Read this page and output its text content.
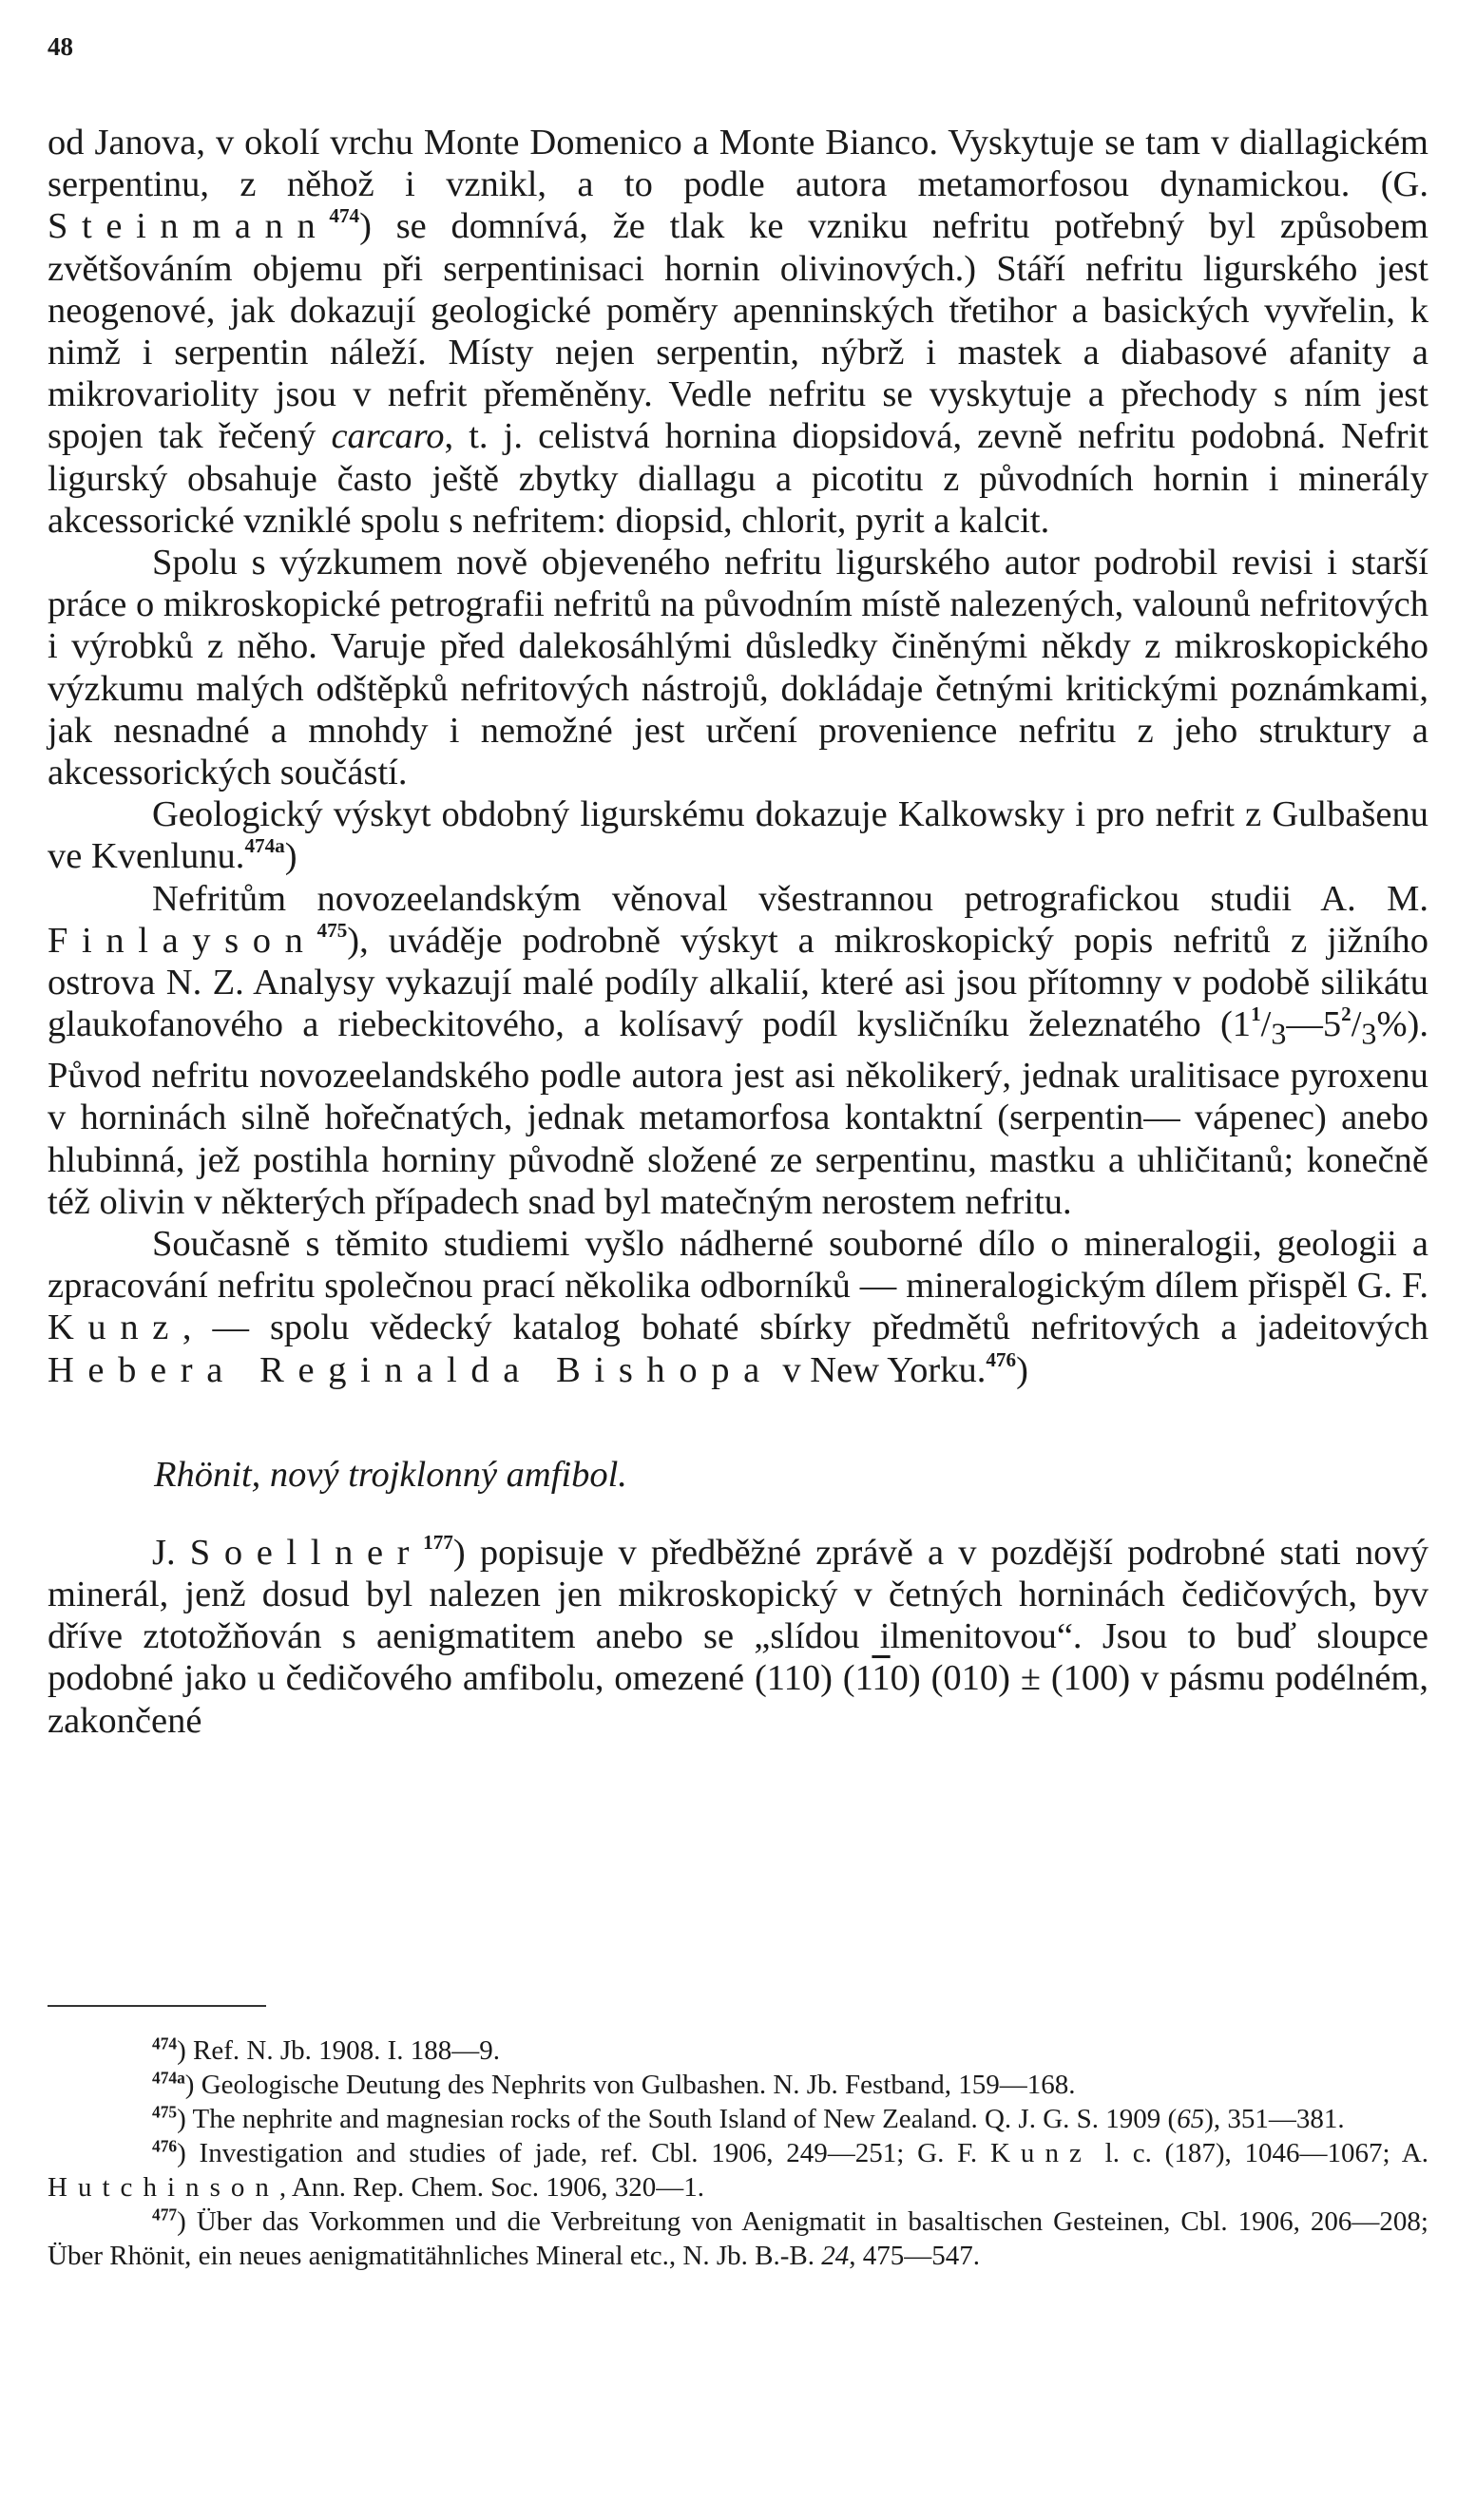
48

od Janova, v okolí vrchu Monte Domenico a Monte Bianco. Vyskytuje se tam v diallagickém serpentinu, z něhož i vznikl, a to podle autora metamorfosou dynamickou. (G. Steinmann$^{474}$) se domnívá, že tlak ke vzniku nefritu potřebný byl způsobem zvětšováním objemu při serpentinisaci hornin olivinových.) Stáří nefritu ligurského jest neogenové, jak dokazují geologické poměry apenninských třetihor a basických vyvřelin, k nimž i serpentin náleží. Místy nejen serpentin, nýbrž i mastek a diabasové afanity a mikrovariolity jsou v nefrit přeměněny. Vedle nefritu se vyskytuje a přechody s ním jest spojen tak řečený carcaro, t. j. celistvá hornina diopsidová, zevně nefritu podobná. Nefrit ligurský obsahuje často ještě zbytky diallagu a picotitu z původních hornin i minerály akcessorické vzniklé spolu s nefritem: diopsid, chlorit, pyrit a kalcit.

Spolu s výzkumem nově objeveného nefritu ligurského autor podrobil revisi i starší práce o mikroskopické petrografii nefritů na původním místě nalezených, valounů nefritových i výrobků z něho. Varuje před dalekosáhlými důsledky činěnými někdy z mikroskopického výzkumu malých odštěpků nefritových nástrojů, dokládaje četnými kritickými poznámkami, jak nesnadné a mnohdy i nemožné jest určení provenience nefritu z jeho struktury a akcessorických součástí.

Geologický výskyt obdobný ligurskému dokazuje Kalkowsky i pro nefrit z Gulbašenu ve Kvenlunu.$^{474a}$)

Nefritům novozeelandským věnoval všestrannou petrografickou studii A. M. Finlayson$^{475}$), uváděje podrobně výskyt a mikroskopický popis nefritů z jižního ostrova N. Z. Analysy vykazují malé podíly alkalií, které asi jsou přítomny v podobě silikátu glaukofanového a riebeckitového, a kolísavý podíl kysličníku železnatého $(1^1/_3—5^2/_3\%)$. Původ nefritu novozeelandského podle autora jest asi několikerý, jednak uralitisace pyroxenu v horninách silně hořečnatých, jednak metamorfosa kontaktní (serpentin— vápenec) anebo hlubinná, jež postihla horniny původně složené ze serpentinu, mastku a uhličitanů; konečně též olivin v některých případech snad byl matečným nerostem nefritu.

Současně s těmito studiemi vyšlo nádherné souborné dílo o mineralogii, geologii a zpracování nefritu společnou prací několika odborníků — mineralogickým dílem přispěl G. F. Kunz, — spolu vědecký katalog bohaté sbírky předmětů nefritových a jadeitových Hebera Reginalda Bishopa v New Yorku.$^{476}$)

Rhönit, nový trojklonný amfibol.

J. Soellner$^{177}$) popisuje v předběžné zprávě a v pozdější podrobné stati nový minerál, jenž dosud byl nalezen jen mikroskopický v četných horninách čedičových, byv dříve ztotožňován s aenigmatitem anebo se „slídou ilmenitovou“. Jsou to buď sloupce podobné jako u čedičového amfibolu, omezené (110) (110) (010) ± (100) v pásmu podélném, zakončené

$^{474}$) Ref. N. Jb. 1908. I. 188—9.

$^{474a}$) Geologische Deutung des Nephrits von Gulbashen. N. Jb. Festband, 159—168.

$^{475}$) The nephrite and magnesian rocks of the South Island of New Zealand. Q. J. G. S. 1909 (65), 351—381.

$^{476}$) Investigation and studies of jade, ref. Cbl. 1906, 249—251; G. F. Kunz l. c. (187), 1046—1067; A. Hutchinson, Ann. Rep. Chem. Soc. 1906, 320—1.

$^{477}$) Über das Vorkommen und die Verbreitung von Aenigmatit in basaltischen Gesteinen, Cbl. 1906, 206—208; Über Rhönit, ein neues aenigmatitähnliches Mineral etc., N. Jb. B.-B. 24, 475—547.
